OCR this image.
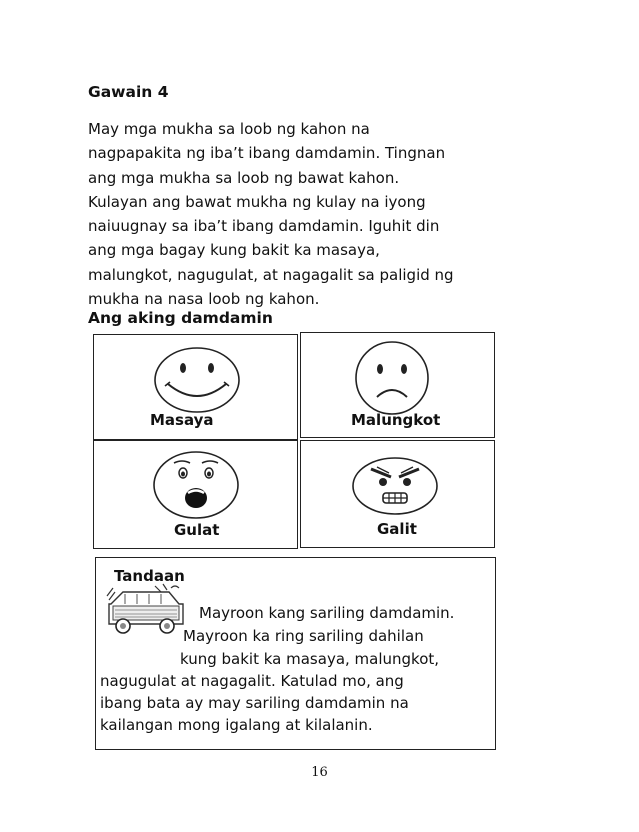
Gawain 4

May mga mukha sa loob ng kahon na
nagpapakita ng iba’t ibang damdamin. Tingnan
ang mga mukha sa loob ng bawat kahon.
Kulayan ang bawat mukha ng kulay na iyong
naiuugnay sa iba’t ibang damdamin. Iguhit din
ang mga bagay kung bakit ka masaya,
malungkot, nagugulat, at nagagalit sa paligid ng
mukha na nasa loob ng kahon.

Ang aking damdamin
Masaya	Malungkot
Gulat	Galit
Tandaan
Mayroon kang sariling damdamin.
Mayroon ka ring sariling dahilan
kung bakit ka masaya, malungkot,
nagugulat at nagagalit. Katulad mo, ang
ibang bata ay may sariling damdamin na
kailangan mong igalang at kilalanin.
16
